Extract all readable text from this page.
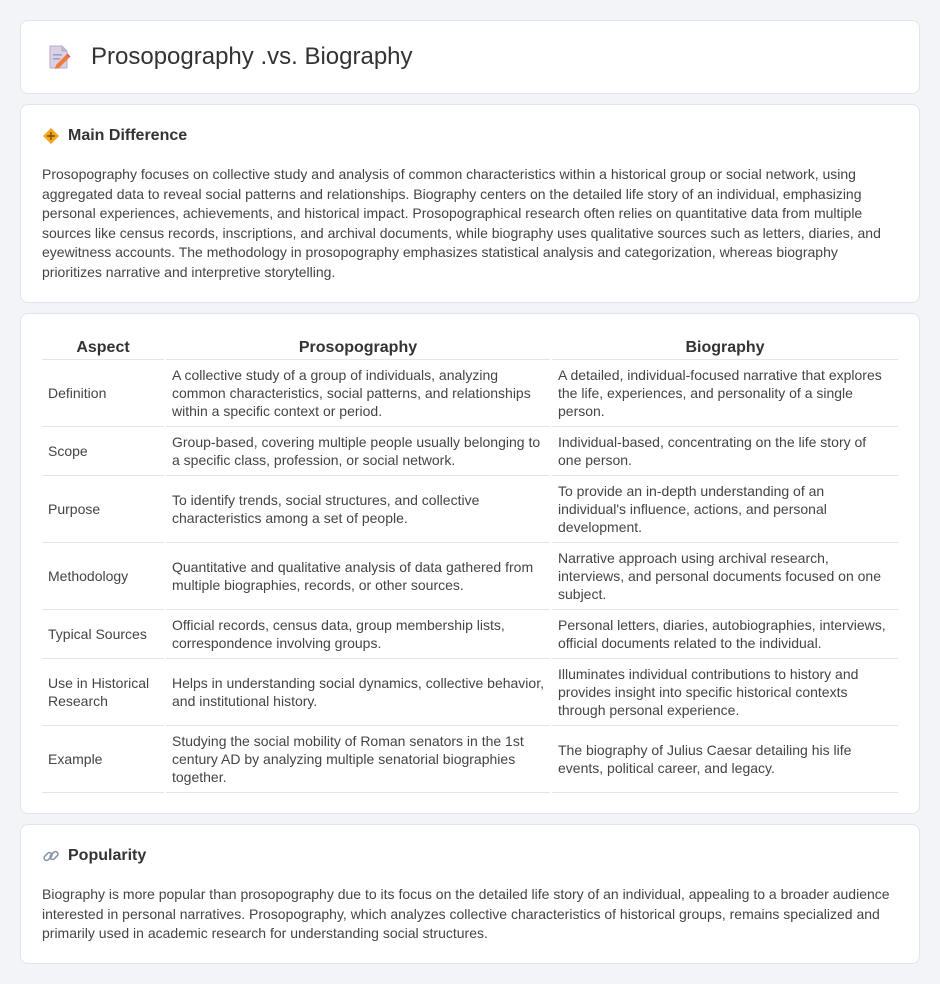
Prosopography .vs. Biography
Main Difference

Prosopography focuses on collective study and analysis of common characteristics within a historical group or social network, using aggregated data to reveal social patterns and relationships. Biography centers on the detailed life story of an individual, emphasizing personal experiences, achievements, and historical impact. Prosopographical research often relies on quantitative data from multiple sources like census records, inscriptions, and archival documents, while biography uses qualitative sources such as letters, diaries, and eyewitness accounts. The methodology in prosopography emphasizes statistical analysis and categorization, whereas biography prioritizes narrative and interpretive storytelling.

Aspect	Prosopography	Biography
Definition	A collective study of a group of individuals, analyzing common characteristics, social patterns, and relationships within a specific context or period.	A detailed, individual-focused narrative that explores the life, experiences, and personality of a single person.
Scope	Group-based, covering multiple people usually belonging to a specific class, profession, or social network.	Individual-based, concentrating on the life story of one person.
Purpose	To identify trends, social structures, and collective characteristics among a set of people.	To provide an in-depth understanding of an individual's influence, actions, and personal development.
Methodology	Quantitative and qualitative analysis of data gathered from multiple biographies, records, or other sources.	Narrative approach using archival research, interviews, and personal documents focused on one subject.
Typical Sources	Official records, census data, group membership lists, correspondence involving groups.	Personal letters, diaries, autobiographies, interviews, official documents related to the individual.
Use in Historical Research	Helps in understanding social dynamics, collective behavior, and institutional history.	Illuminates individual contributions to history and provides insight into specific historical contexts through personal experience.
Example	Studying the social mobility of Roman senators in the 1st century AD by analyzing multiple senatorial biographies together.	The biography of Julius Caesar detailing his life events, political career, and legacy.
Popularity

Biography is more popular than prosopography due to its focus on the detailed life story of an individual, appealing to a broader audience interested in personal narratives. Prosopography, which analyzes collective characteristics of historical groups, remains specialized and primarily used in academic research for understanding social structures.
